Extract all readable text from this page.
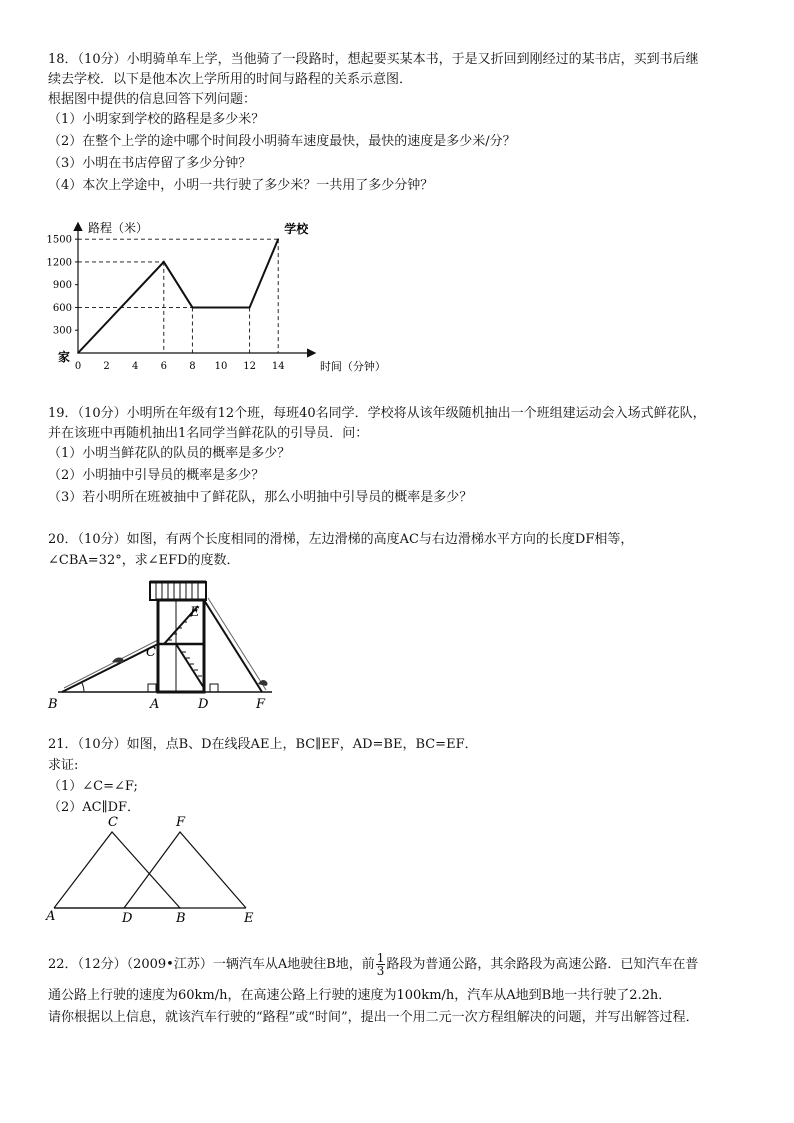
18．（10分）小明骑单车上学，当他骑了一段路时，想起要买某本书，于是又折回到刚经过的某书店，买到书后继
续去学校．以下是他本次上学所用的时间与路程的关系示意图．
根据图中提供的信息回答下列问题：
（1）小明家到学校的路程是多少米？
（2）在整个上学的途中哪个时间段小明骑车速度最快，最快的速度是多少米/分？
（3）小明在书店停留了多少分钟？
（4）本次上学途中，小明一共行驶了多少米？一共用了多少分钟？
0 2 4 6 8 10 12 14
300
600
900
1200
1500
路程（米）
时间（分钟）
家
学校
19．（10分）小明所在年级有12个班，每班40名同学．学校将从该年级随机抽出一个班组建运动会入场式鲜花队，
并在该班中再随机抽出1名同学当鲜花队的引导员．问：
（1）小明当鲜花队的队员的概率是多少？
（2）小明抽中引导员的概率是多少？
（3）若小明所在班被抽中了鲜花队，那么小明抽中引导员的概率是多少？
20．（10分）如图，有两个长度相同的滑梯，左边滑梯的高度AC与右边滑梯水平方向的长度DF相等，
∠CBA=32°，求∠EFD的度数．
B	A	D	F
C
E
21．（10分）如图，点B、D在线段AE上，BC∥EF，AD=BE，BC=EF．
求证:
（1）∠C=∠F;
（2）AC∥DF．
A	D	B	E
C	F
22．（12分）（2009•江苏）一辆汽车从A地驶往B地，前 $\frac{1}{3}$ 路段为普通公路，其余路段为高速公路．已知汽车在普
通公路上行驶的速度为60km/h，在高速公路上行驶的速度为100km/h，汽车从A地到B地一共行驶了2.2h．
请你根据以上信息，就该汽车行驶的“路程”或“时间”，提出一个用二元一次方程组解决的问题，并写出解答过程．
